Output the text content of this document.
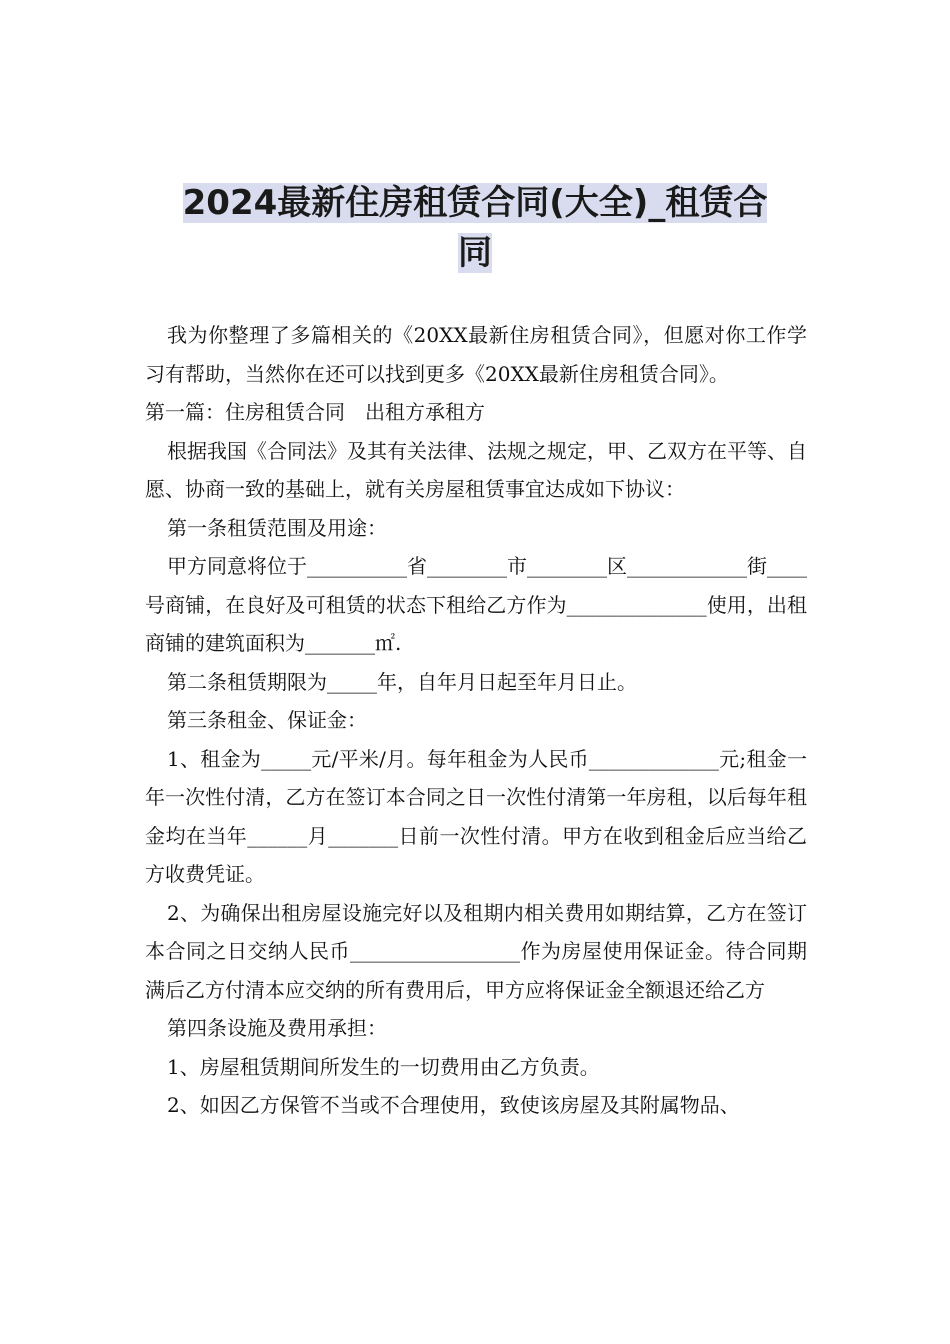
2024最新住房租赁合同(大全)_租赁合
同

我为你整理了多篇相关的《20XX最新住房租赁合同》，但愿对你工作学习有帮助，当然你在还可以找到更多《20XX最新住房租赁合同》。

第一篇：住房租赁合同　出租方承租方

根据我国《合同法》及其有关法律、法规之规定，甲、乙双方在平等、自愿、协商一致的基础上，就有关房屋租赁事宜达成如下协议：

第一条租赁范围及用途：

甲方同意将位于__________省________市________区____________街____号商铺，在良好及可租赁的状态下租给乙方作为______________使用，出租商铺的建筑面积为_______㎡.

第二条租赁期限为_____年，自年月日起至年月日止。

第三条租金、保证金：

1、租金为_____元/平米/月。每年租金为人民币_____________元;租金一年一次性付清，乙方在签订本合同之日一次性付清第一年房租，以后每年租金均在当年______月_______日前一次性付清。甲方在收到租金后应当给乙方收费凭证。

2、为确保出租房屋设施完好以及租期内相关费用如期结算，乙方在签订本合同之日交纳人民币_________________作为房屋使用保证金。待合同期满后乙方付清本应交纳的所有费用后，甲方应将保证金全额退还给乙方

第四条设施及费用承担：

1、房屋租赁期间所发生的一切费用由乙方负责。

2、如因乙方保管不当或不合理使用，致使该房屋及其附属物品、
